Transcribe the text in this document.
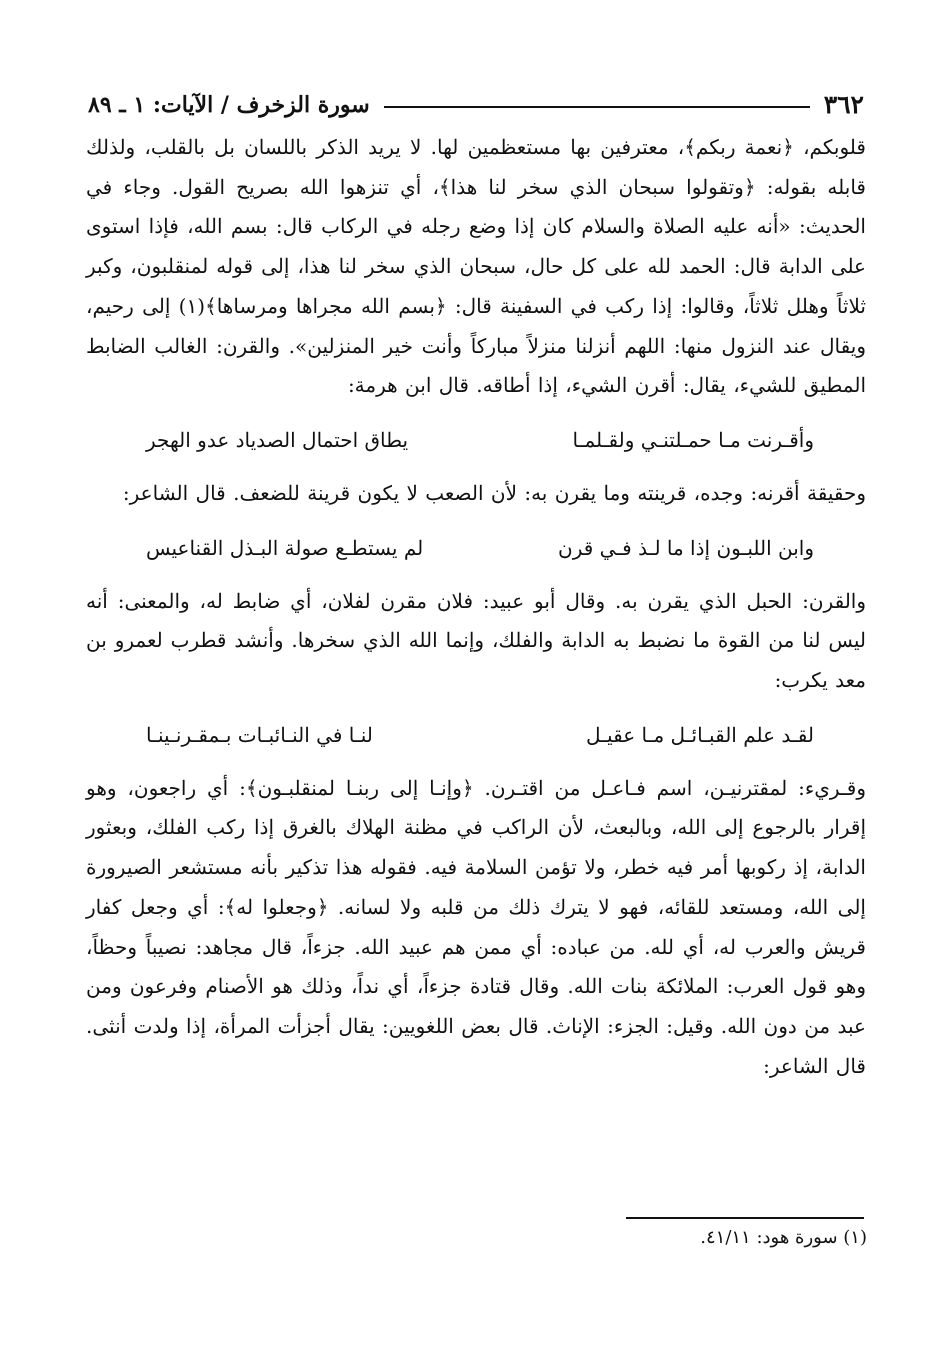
٣٦٢
سورة الزخرف / الآيات: ١ ـ ٨٩

قلوبكم، ﴿نعمة ربكم﴾، معترفين بها مستعظمين لها. لا يريد الذكر باللسان بل بالقلب، ولذلك قابله بقوله: ﴿وتقولوا سبحان الذي سخر لنا هذا﴾، أي تنزهوا الله بصريح القول. وجاء في الحديث: «أنه عليه الصلاة والسلام كان إذا وضع رجله في الركاب قال: بسم الله، فإذا استوى على الدابة قال: الحمد لله على كل حال، سبحان الذي سخر لنا هذا، إلى قوله لمنقلبون، وكبر ثلاثاً وهلل ثلاثاً، وقالوا: إذا ركب في السفينة قال: ﴿بسم الله مجراها ومرساها﴾(١) إلى رحيم، ويقال عند النزول منها: اللهم أنزلنا منزلاً مباركاً وأنت خير المنزلين». والقرن: الغالب الضابط المطيق للشيء، يقال: أقرن الشيء، إذا أطاقه. قال ابن هرمة:

وأقـرنت مـا حمـلتنـي ولقـلمـا
يطاق احتمال الصدياد عدو الهجر

وحقيقة أقرنه: وجده، قرينته وما يقرن به: لأن الصعب لا يكون قرينة للضعف. قال الشاعر:

وابن اللبـون إذا ما لـذ فـي قرن
لم يستطـع صولة البـذل القناعيس

والقرن: الحبل الذي يقرن به. وقال أبو عبيد: فلان مقرن لفلان، أي ضابط له، والمعنى: أنه ليس لنا من القوة ما نضبط به الدابة والفلك، وإنما الله الذي سخرها. وأنشد قطرب لعمرو بن معد يكرب:

لقـد علم القبـائـل مـا عقيـل
لنـا في النـائبـات بـمقـرنـينـا

وقـريء: لمقترنيـن، اسم فـاعـل من اقتـرن. ﴿وإنـا إلى ربنـا لمنقلبـون﴾: أي راجعون، وهو إقرار بالرجوع إلى الله، وبالبعث، لأن الراكب في مظنة الهلاك بالغرق إذا ركب الفلك، وبعثور الدابة، إذ ركوبها أمر فيه خطر، ولا تؤمن السلامة فيه. فقوله هذا تذكير بأنه مستشعر الصيرورة إلى الله، ومستعد للقائه، فهو لا يترك ذلك من قلبه ولا لسانه. ﴿وجعلوا له﴾: أي وجعل كفار قريش والعرب له، أي لله. من عباده: أي ممن هم عبيد الله. جزءاً، قال مجاهد: نصيباً وحظاً، وهو قول العرب: الملائكة بنات الله. وقال قتادة جزءاً، أي نداً، وذلك هو الأصنام وفرعون ومن عبد من دون الله. وقيل: الجزء: الإناث. قال بعض اللغويين: يقال أجزأت المرأة، إذا ولدت أنثى. قال الشاعر:

(١) سورة هود: ٤١/١١.
